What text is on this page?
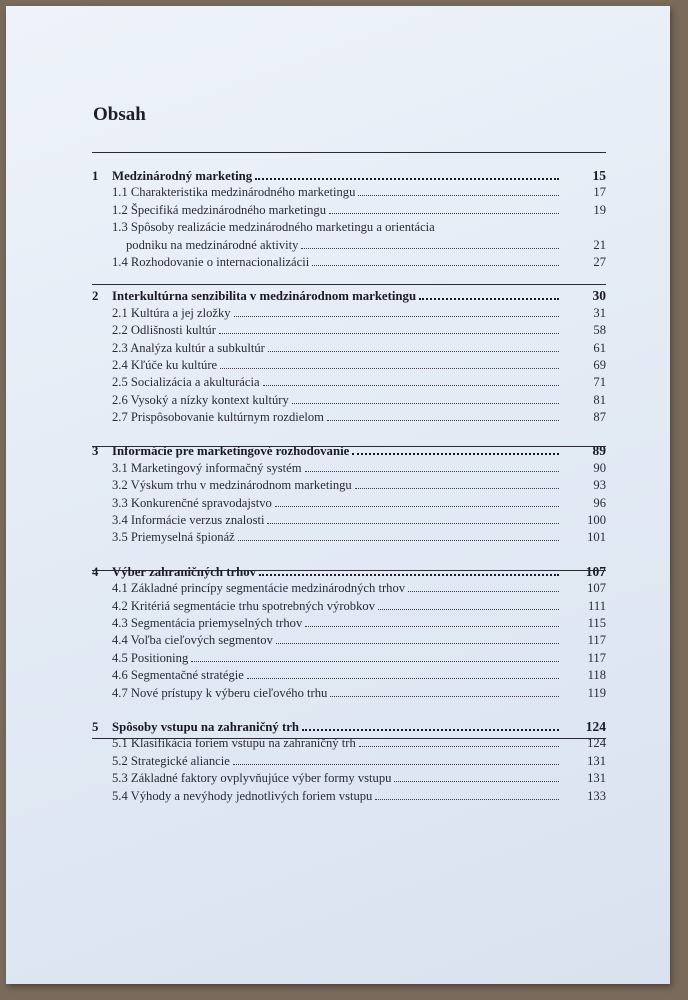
Obsah
1	Medzinárodný marketing	15
1.1 Charakteristika medzinárodného marketingu	17
1.2 Špecifiká medzinárodného marketingu	19
1.3 Spôsoby realizácie medzinárodného marketingu a orientácia
podniku na medzinárodné aktivity	21
1.4 Rozhodovanie o internacionalizácii	27
2	Interkultúrna senzibilita v medzinárodnom marketingu	30
2.1 Kultúra a jej zložky	31
2.2 Odlišnosti kultúr	58
2.3 Analýza kultúr a subkultúr	61
2.4 Kľúče ku kultúre	69
2.5 Socializácia a akulturácia	71
2.6 Vysoký a nízky kontext kultúry	81
2.7 Prispôsobovanie kultúrnym rozdielom	87
3	Informácie pre marketingové rozhodovanie	89
3.1 Marketingový informačný systém	90
3.2 Výskum trhu v medzinárodnom marketingu	93
3.3 Konkurenčné spravodajstvo	96
3.4 Informácie verzus znalosti	100
3.5 Priemyselná špionáž	101
4	Výber zahraničných trhov	107
4.1 Základné princípy segmentácie medzinárodných trhov	107
4.2 Kritériá segmentácie trhu spotrebných výrobkov	111
4.3 Segmentácia priemyselných trhov	115
4.4 Voľba cieľových segmentov	117
4.5 Positioning	117
4.6 Segmentačné stratégie	118
4.7 Nové prístupy k výberu cieľového trhu	119
5	Spôsoby vstupu na zahraničný trh	124
5.1 Klasifikácia foriem vstupu na zahraničný trh	124
5.2 Strategické aliancie	131
5.3 Základné faktory ovplyvňujúce výber formy vstupu	131
5.4 Výhody a nevýhody jednotlivých foriem vstupu	133
